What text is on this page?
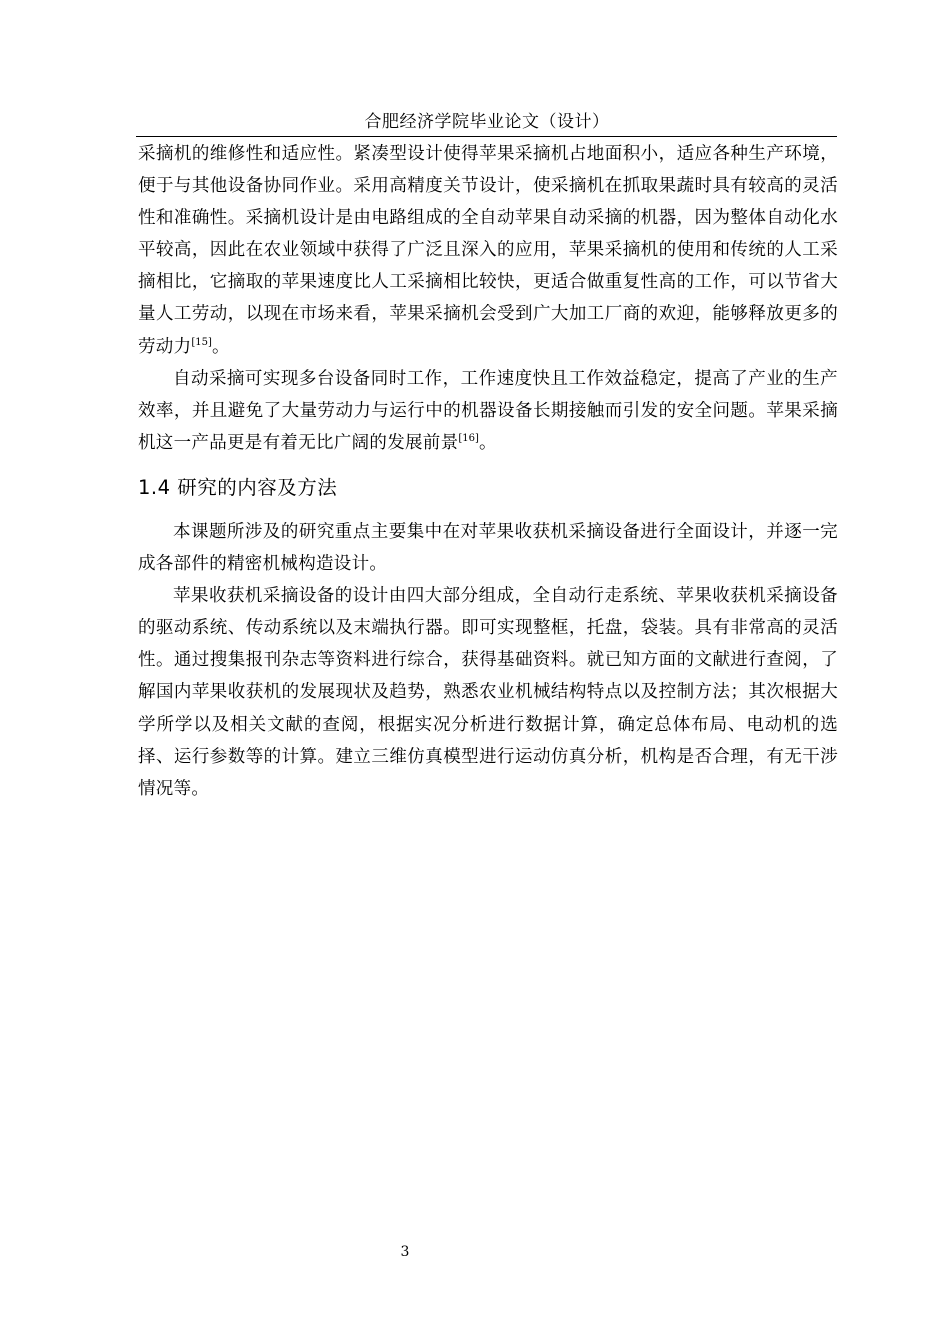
合肥经济学院毕业论文（设计）

采摘机的维修性和适应性。紧凑型设计使得苹果采摘机占地面积小，适应各种生产环境，便于与其他设备协同作业。采用高精度关节设计，使采摘机在抓取果蔬时具有较高的灵活性和准确性。采摘机设计是由电路组成的全自动苹果自动采摘的机器，因为整体自动化水平较高，因此在农业领域中获得了广泛且深入的应用，苹果采摘机的使用和传统的人工采摘相比，它摘取的苹果速度比人工采摘相比较快，更适合做重复性高的工作，可以节省大量人工劳动，以现在市场来看，苹果采摘机会受到广大加工厂商的欢迎，能够释放更多的劳动力[15]。

自动采摘可实现多台设备同时工作，工作速度快且工作效益稳定，提高了产业的生产效率，并且避免了大量劳动力与运行中的机器设备长期接触而引发的安全问题。苹果采摘机这一产品更是有着无比广阔的发展前景[16]。

1.4 研究的内容及方法

本课题所涉及的研究重点主要集中在对苹果收获机采摘设备进行全面设计，并逐一完成各部件的精密机械构造设计。

苹果收获机采摘设备的设计由四大部分组成，全自动行走系统、苹果收获机采摘设备的驱动系统、传动系统以及末端执行器。即可实现整框，托盘，袋装。具有非常高的灵活性。通过搜集报刊杂志等资料进行综合，获得基础资料。就已知方面的文献进行查阅，了解国内苹果收获机的发展现状及趋势，熟悉农业机械结构特点以及控制方法；其次根据大学所学以及相关文献的查阅，根据实况分析进行数据计算，确定总体布局、电动机的选择、运行参数等的计算。建立三维仿真模型进行运动仿真分析，机构是否合理，有无干涉情况等。

3
